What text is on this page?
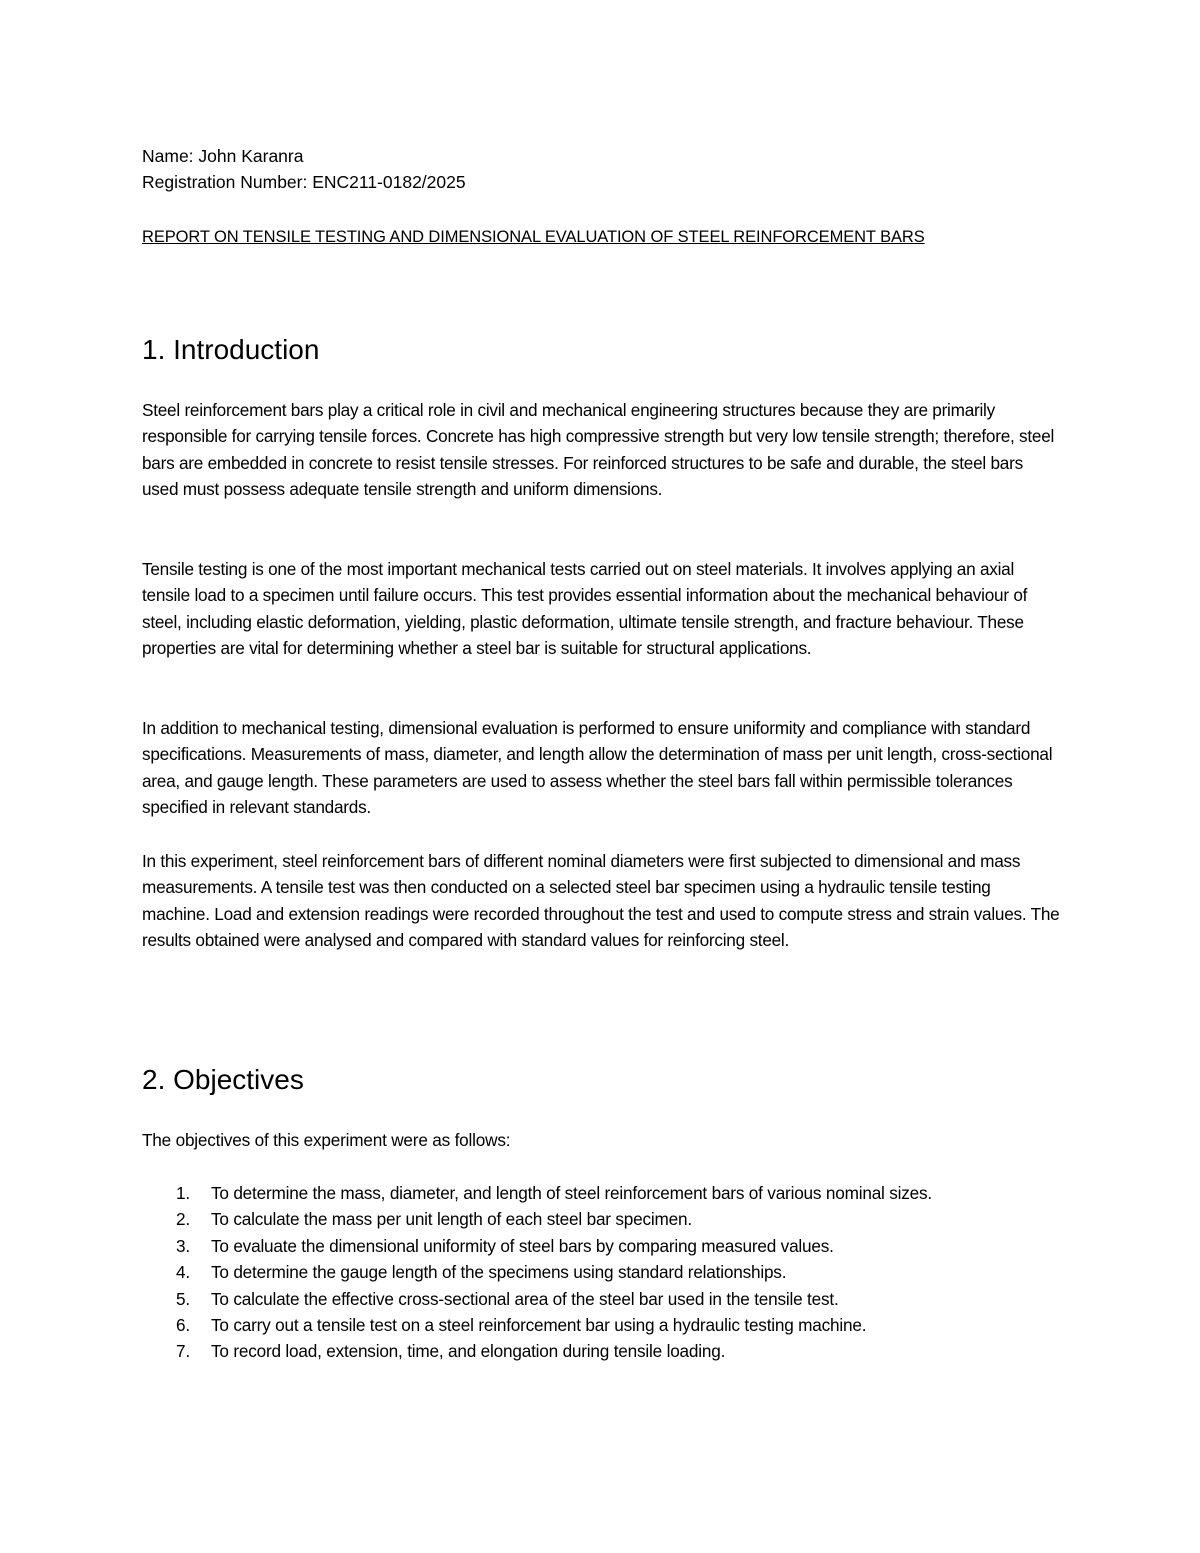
Name: John Karanra
Registration Number: ENC211-0182/2025
REPORT ON TENSILE TESTING AND DIMENSIONAL EVALUATION OF STEEL REINFORCEMENT BARS
1. Introduction

Steel reinforcement bars play a critical role in civil and mechanical engineering structures because they are primarily responsible for carrying tensile forces. Concrete has high compressive strength but very low tensile strength; therefore, steel bars are embedded in concrete to resist tensile stresses. For reinforced structures to be safe and durable, the steel bars used must possess adequate tensile strength and uniform dimensions.

Tensile testing is one of the most important mechanical tests carried out on steel materials. It involves applying an axial tensile load to a specimen until failure occurs. This test provides essential information about the mechanical behaviour of steel, including elastic deformation, yielding, plastic deformation, ultimate tensile strength, and fracture behaviour. These properties are vital for determining whether a steel bar is suitable for structural applications.

In addition to mechanical testing, dimensional evaluation is performed to ensure uniformity and compliance with standard specifications. Measurements of mass, diameter, and length allow the determination of mass per unit length, cross-sectional area, and gauge length. These parameters are used to assess whether the steel bars fall within permissible tolerances specified in relevant standards.

In this experiment, steel reinforcement bars of different nominal diameters were first subjected to dimensional and mass measurements. A tensile test was then conducted on a selected steel bar specimen using a hydraulic tensile testing machine. Load and extension readings were recorded throughout the test and used to compute stress and strain values. The results obtained were analysed and compared with standard values for reinforcing steel.

2. Objectives
The objectives of this experiment were as follows:
1. To determine the mass, diameter, and length of steel reinforcement bars of various nominal sizes.
2. To calculate the mass per unit length of each steel bar specimen.
3. To evaluate the dimensional uniformity of steel bars by comparing measured values.
4. To determine the gauge length of the specimens using standard relationships.
5. To calculate the effective cross-sectional area of the steel bar used in the tensile test.
6. To carry out a tensile test on a steel reinforcement bar using a hydraulic testing machine.
7. To record load, extension, time, and elongation during tensile loading.
